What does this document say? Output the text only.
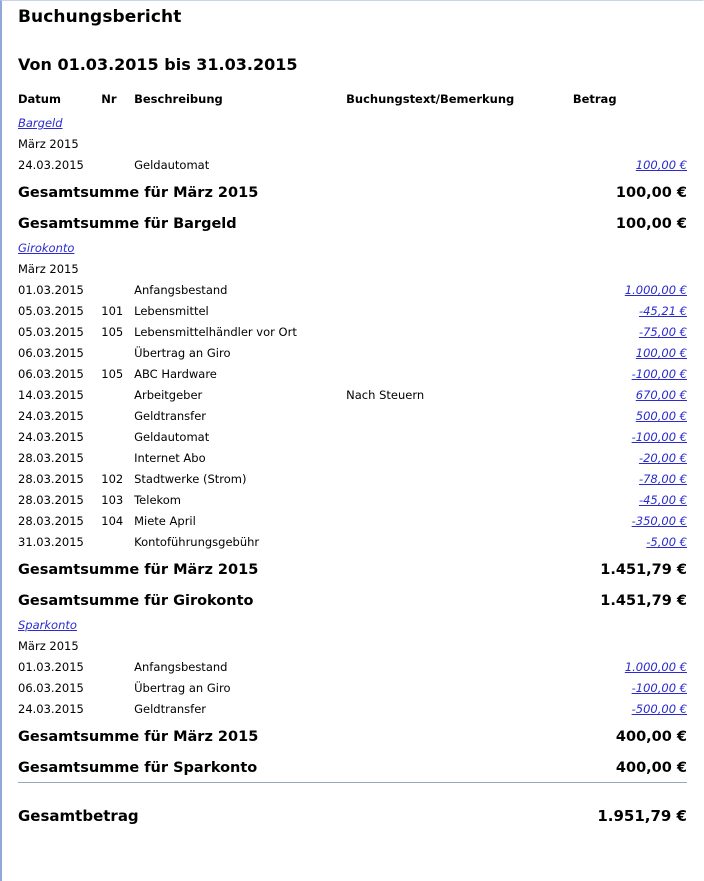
Buchungsbericht
Von 01.03.2015 bis 31.03.2015
Datum	Nr	Beschreibung	Buchungstext/Bemerkung	Betrag
Bargeld				
März 2015				
24.03.2015		Geldautomat		100,00 €
Gesamtsumme für März 2015				100,00 €
Gesamtsumme für Bargeld				100,00 €
Girokonto				
März 2015				
01.03.2015		Anfangsbestand		1.000,00 €
05.03.2015	101	Lebensmittel		-45,21 €
05.03.2015	105	Lebensmittelhändler vor Ort		-75,00 €
06.03.2015		Übertrag an Giro		100,00 €
06.03.2015	105	ABC Hardware		-100,00 €
14.03.2015		Arbeitgeber	Nach Steuern	670,00 €
24.03.2015		Geldtransfer		500,00 €
24.03.2015		Geldautomat		-100,00 €
28.03.2015		Internet Abo		-20,00 €
28.03.2015	102	Stadtwerke (Strom)		-78,00 €
28.03.2015	103	Telekom		-45,00 €
28.03.2015	104	Miete April		-350,00 €
31.03.2015		Kontoführungsgebühr		-5,00 €
Gesamtsumme für März 2015				1.451,79 €
Gesamtsumme für Girokonto				1.451,79 €
Sparkonto				
März 2015				
01.03.2015		Anfangsbestand		1.000,00 €
06.03.2015		Übertrag an Giro		-100,00 €
24.03.2015		Geldtransfer		-500,00 €
Gesamtsumme für März 2015				400,00 €
Gesamtsumme für Sparkonto				400,00 €

Gesamtbetrag				1.951,79 €
